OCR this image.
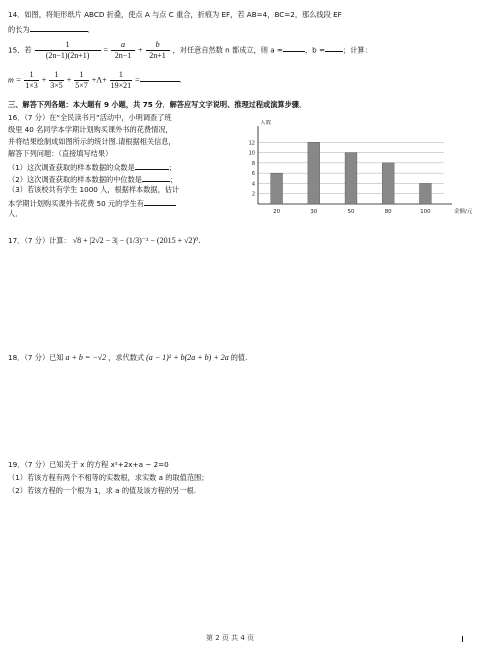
14．如图，将矩形纸片 ABCD 折叠，使点 A 与点 C 重合，折痕为 EF，若 AB=4，BC=2，那么线段 EF
的长为	．
15．若 $\frac{1}{(2n-1)(2n+1)} = \frac{a}{2n-1} + \frac{b}{2n+1}$ ，对任意自然数 n 都成立，则 a =	，b =	；计算：
$m = \frac{1}{1\times 3} + \frac{1}{3\times 5} + \frac{1}{5\times 7} +\Lambda+ \frac{1}{19\times 21}$ =	.
三、解答下列各题：本大题有 9 小题，共 75 分．解答应写文字说明、推理过程或演算步骤．
16．（7 分）在“全民读书月”活动中，小明调查了班
级里 40 名同学本学期计划购买课外书的花费情况，
并将结果绘制成如图所示的统计图.请根据相关信息，
解答下列问题：（直接填写结果）
（1）这次调查获取的样本数据的众数是	；
（2）这次调查获取的样本数据的中位数是	；
（3）若该校共有学生 1000 人，根据样本数据，估计
本学期计划购买课外书花费 50 元的学生有
人．
2
4
6
8
10
12
人数
金额/元
20	30	50	80	100
17．（7 分）计算： √8 + |2√2 − 3| − (1/3)⁻¹ − (2015 + √2)⁰.
18．（7 分）已知 a + b = −√2 ，求代数式 (a − 1)² + b(2a + b) + 2a 的值.
19．（7 分）已知关于 x 的方程 x²+2x+a − 2=0
（1）若该方程有两个不相等的实数根，求实数 a 的取值范围；
（2）若该方程的一个根为 1，求 a 的值及该方程的另一根.
第 2 页 共 4 页
